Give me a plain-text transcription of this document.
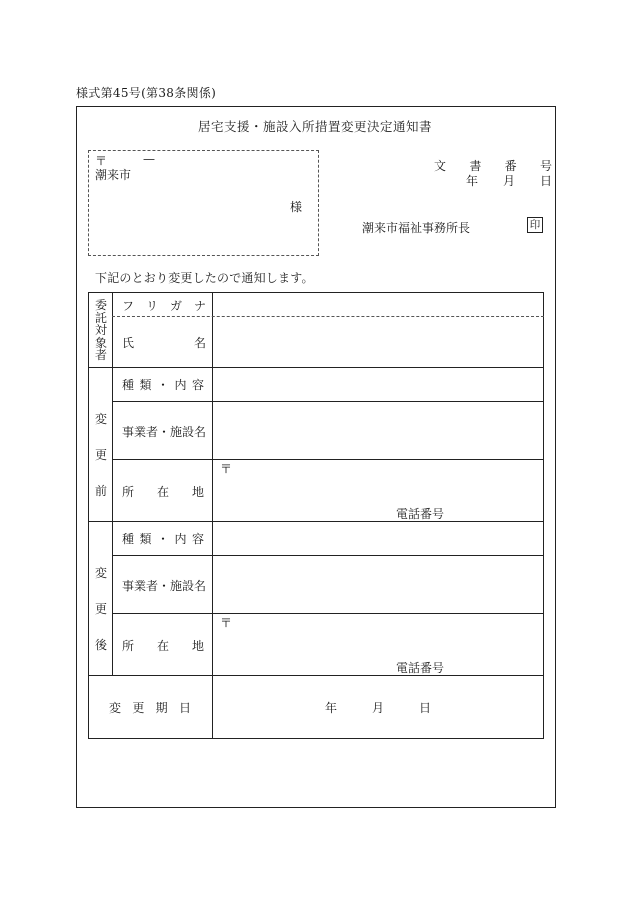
様式第45号(第38条関係)
居宅支援・施設入所措置変更決定通知書
〒	—
潮来市
様
文 書 番 号
年 月 日
潮来市福祉事務所長	印
下記のとおり変更したので通知します。
委
託
対
象
者
フ リ ガ ナ
氏	名
変
更
前
種 類 ・ 内 容
事業者・施設名
所 在 地
〒
電話番号
変
更
後
種 類 ・ 内 容
事業者・施設名
所 在 地
〒
電話番号
変 更 期 日	年	月	日
